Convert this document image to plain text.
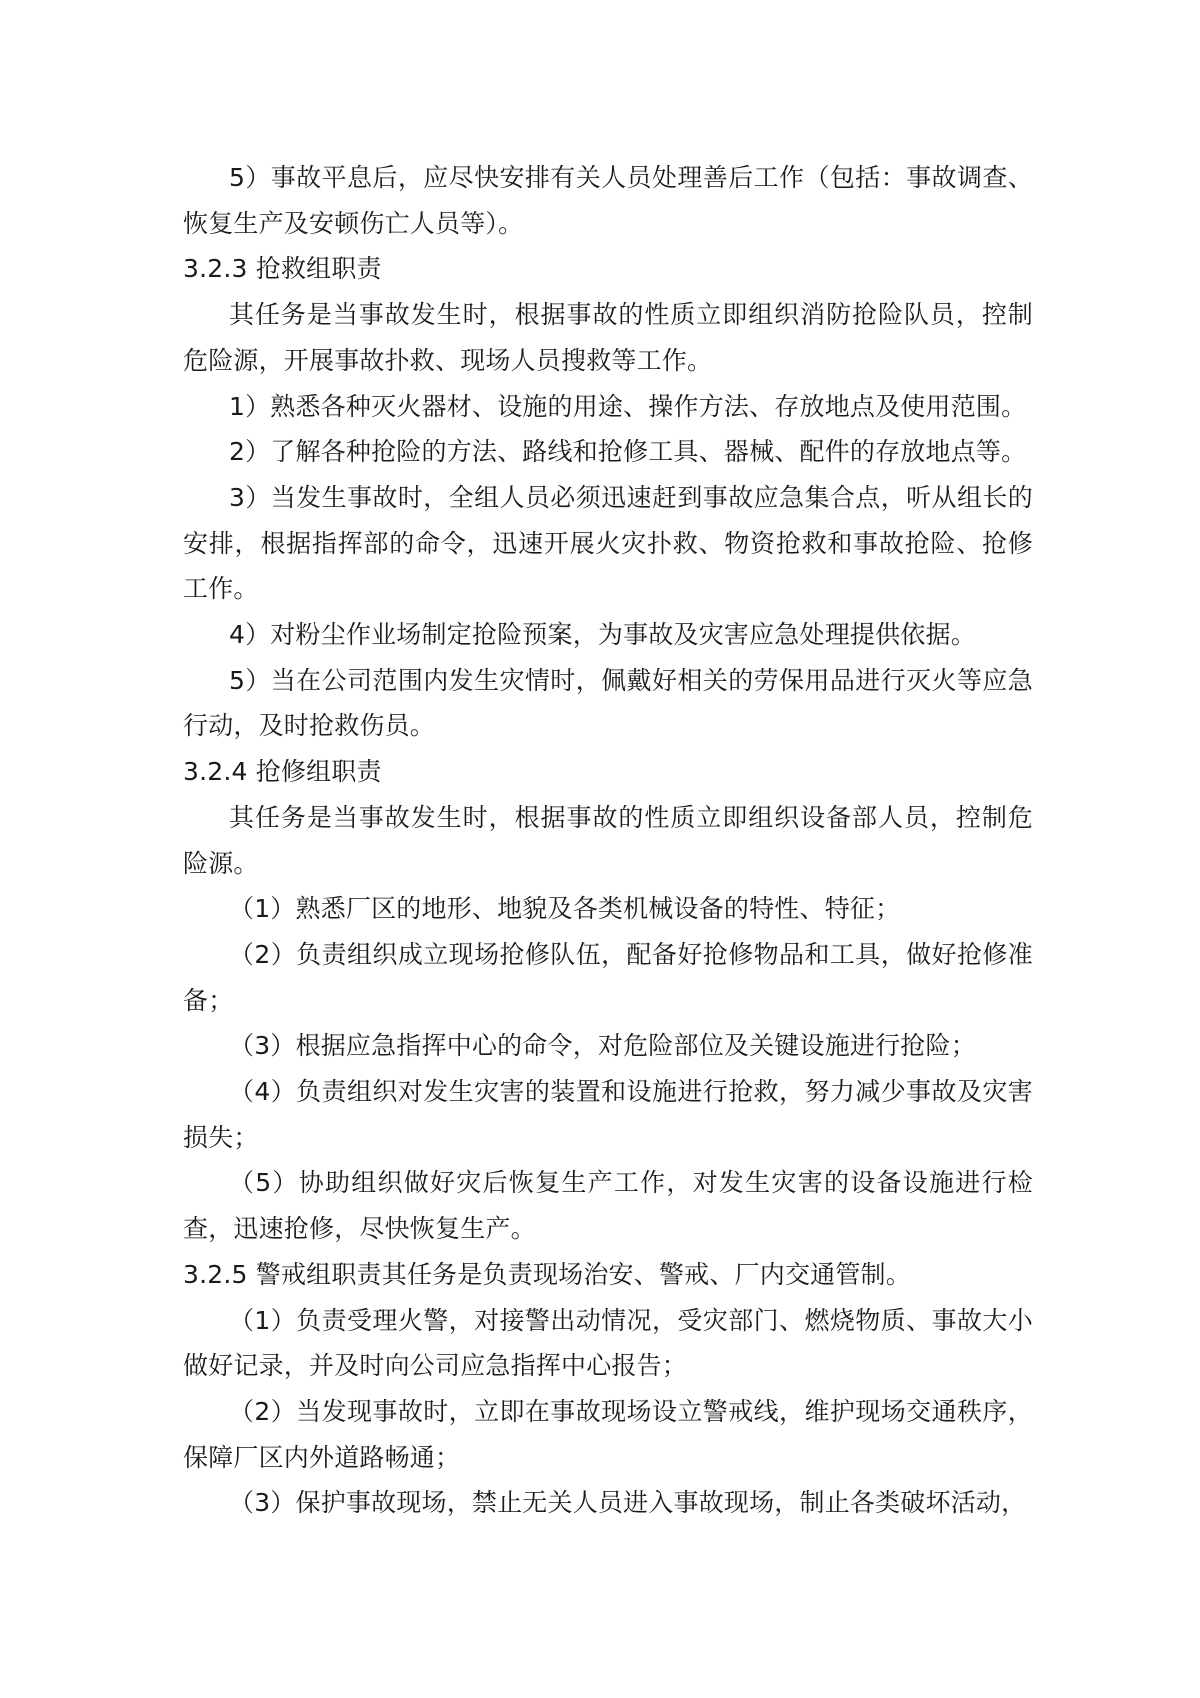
5）事故平息后，应尽快安排有关人员处理善后工作（包括：事故调查、恢复生产及安顿伤亡人员等）。

3.2.3 抢救组职责

其任务是当事故发生时，根据事故的性质立即组织消防抢险队员，控制危险源，开展事故扑救、现场人员搜救等工作。

1）熟悉各种灭火器材、设施的用途、操作方法、存放地点及使用范围。

2）了解各种抢险的方法、路线和抢修工具、器械、配件的存放地点等。

3）当发生事故时，全组人员必须迅速赶到事故应急集合点，听从组长的安排，根据指挥部的命令，迅速开展火灾扑救、物资抢救和事故抢险、抢修工作。

4）对粉尘作业场制定抢险预案，为事故及灾害应急处理提供依据。

5）当在公司范围内发生灾情时，佩戴好相关的劳保用品进行灭火等应急行动，及时抢救伤员。

3.2.4 抢修组职责

其任务是当事故发生时，根据事故的性质立即组织设备部人员，控制危险源。

（1）熟悉厂区的地形、地貌及各类机械设备的特性、特征；

（2）负责组织成立现场抢修队伍，配备好抢修物品和工具，做好抢修准备；

（3）根据应急指挥中心的命令，对危险部位及关键设施进行抢险；

（4）负责组织对发生灾害的装置和设施进行抢救，努力减少事故及灾害损失；

（5）协助组织做好灾后恢复生产工作，对发生灾害的设备设施进行检查，迅速抢修，尽快恢复生产。

3.2.5 警戒组职责其任务是负责现场治安、警戒、厂内交通管制。

（1）负责受理火警，对接警出动情况，受灾部门、燃烧物质、事故大小做好记录，并及时向公司应急指挥中心报告；

（2）当发现事故时，立即在事故现场设立警戒线，维护现场交通秩序，保障厂区内外道路畅通；

（3）保护事故现场，禁止无关人员进入事故现场，制止各类破坏活动，
